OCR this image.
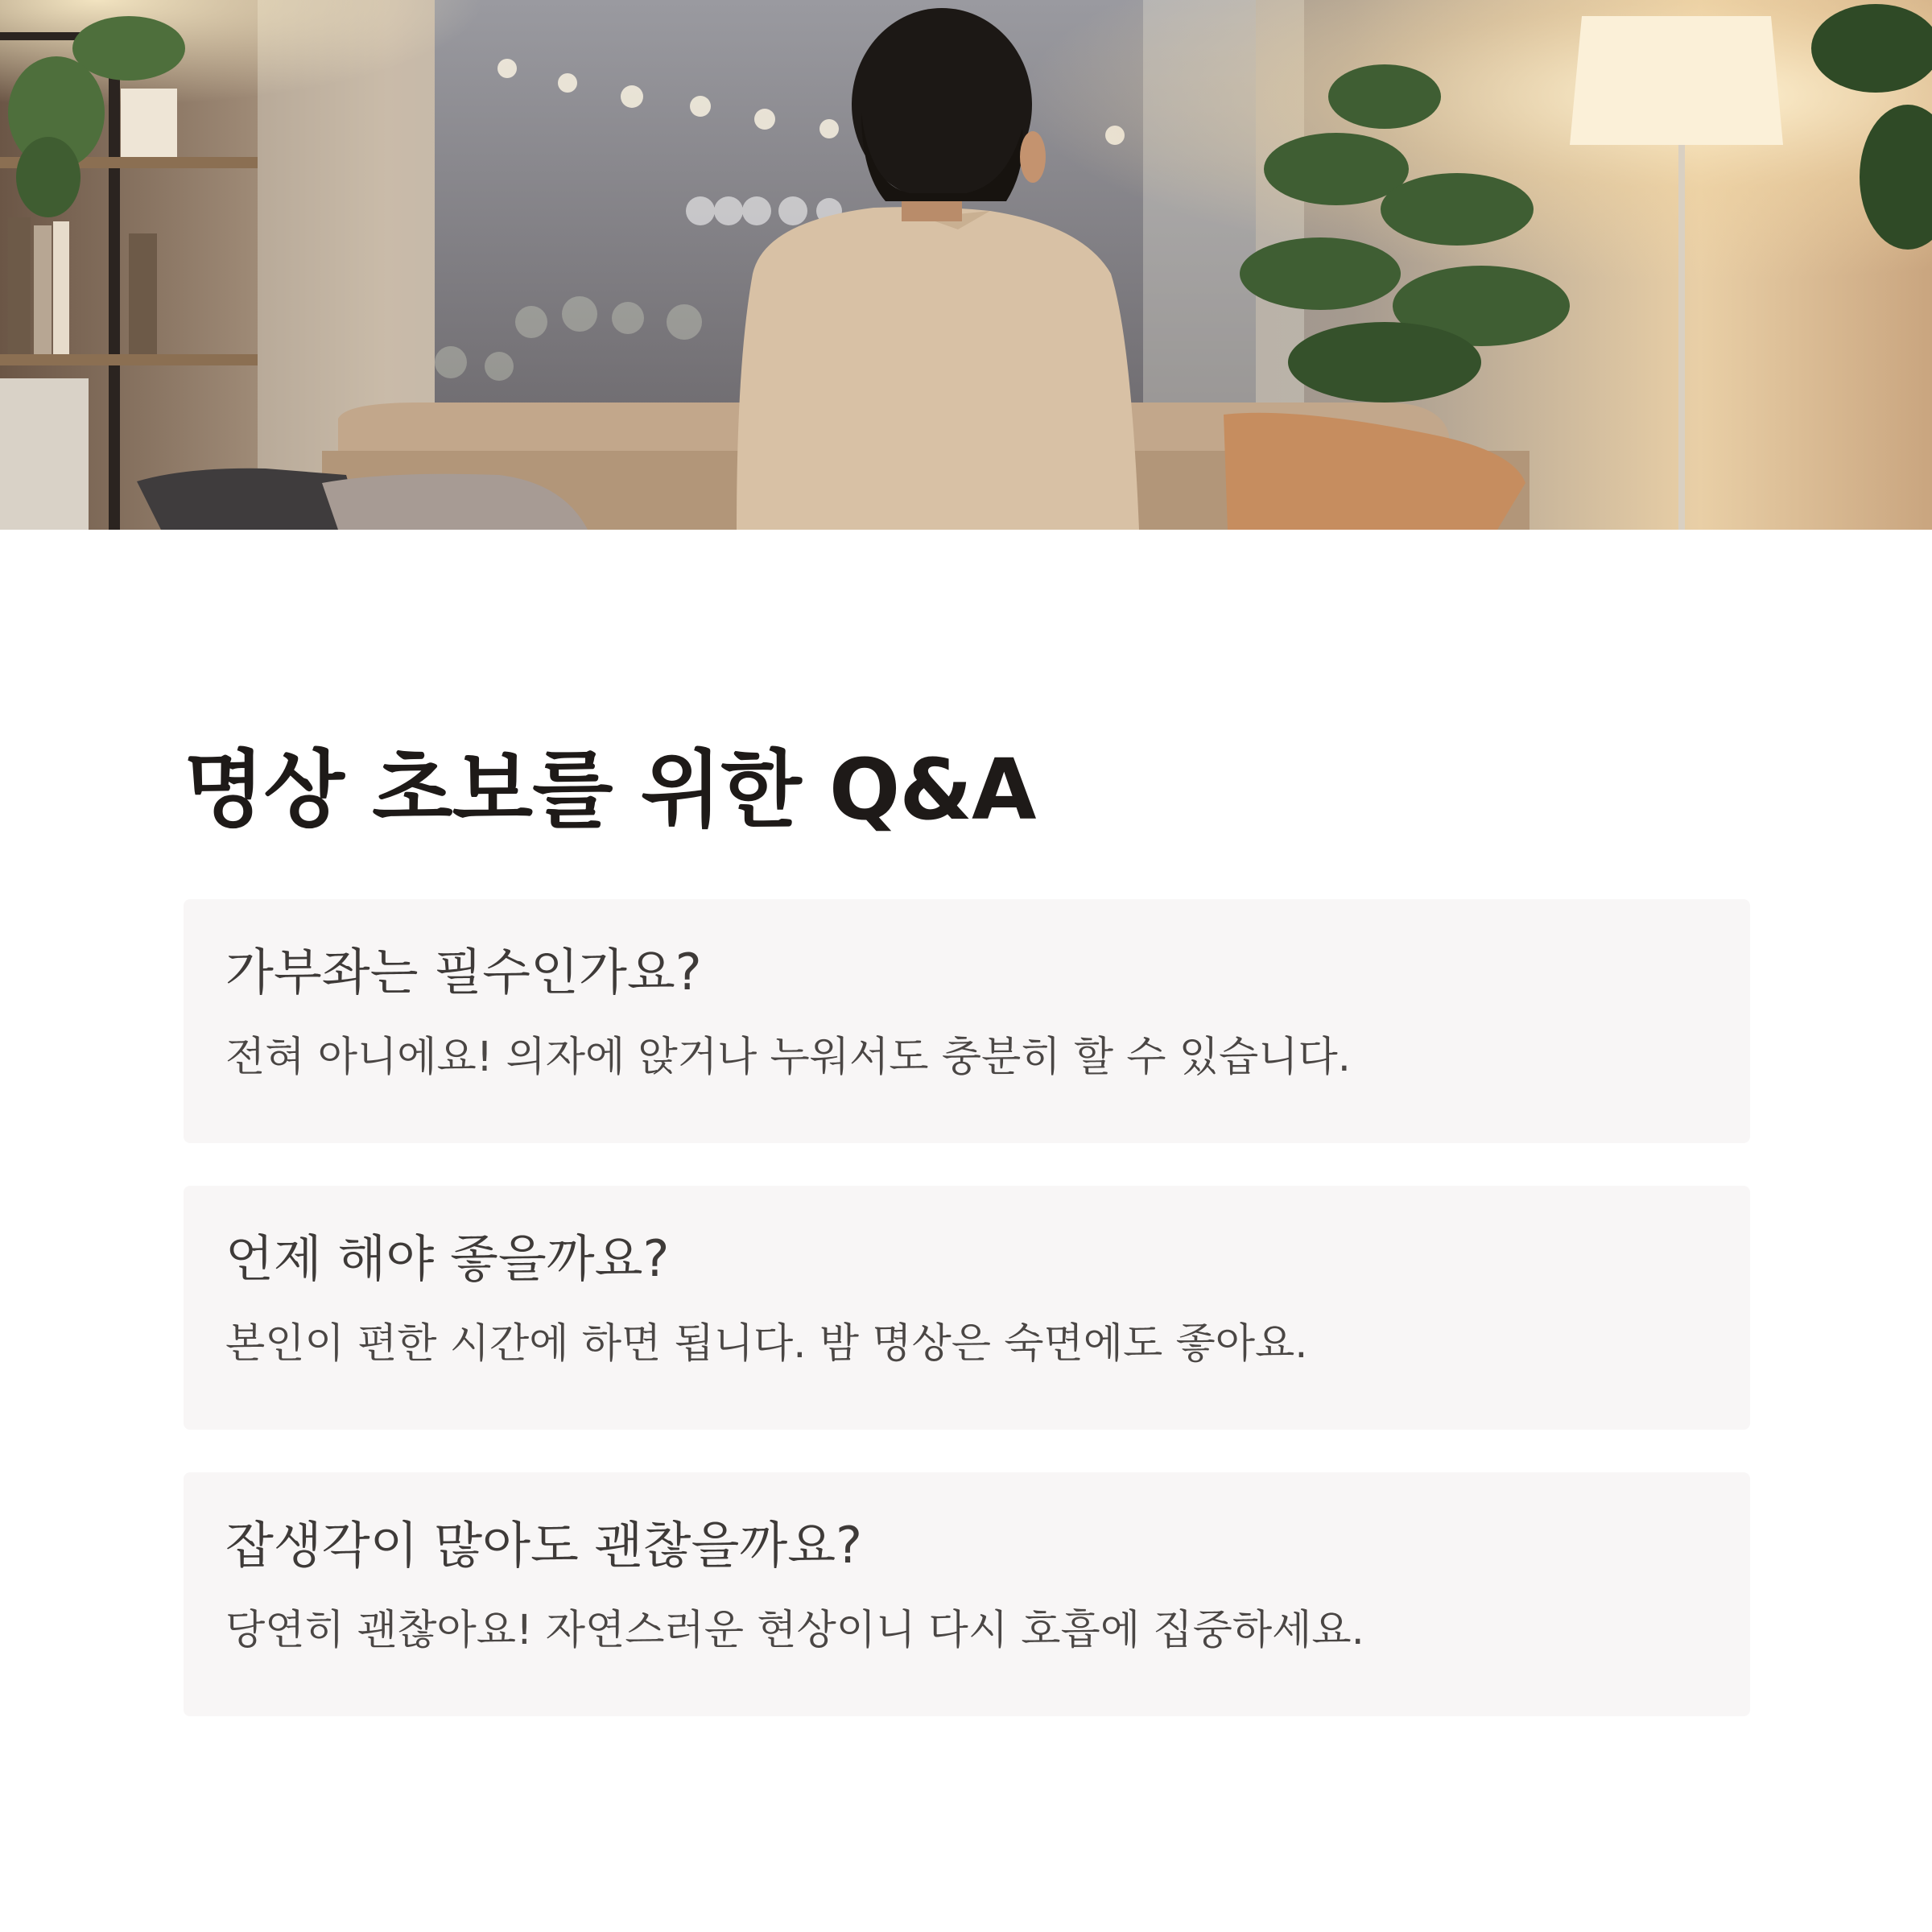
명상 초보를 위한 Q&A

가부좌는 필수인가요?

전혀 아니에요! 의자에 앉거나 누워서도 충분히 할 수 있습니다.

언제 해야 좋을까요?

본인이 편한 시간에 하면 됩니다. 밤 명상은 숙면에도 좋아요.

잡생각이 많아도 괜찮을까요?

당연히 괜찮아요! 자연스러운 현상이니 다시 호흡에 집중하세요.
